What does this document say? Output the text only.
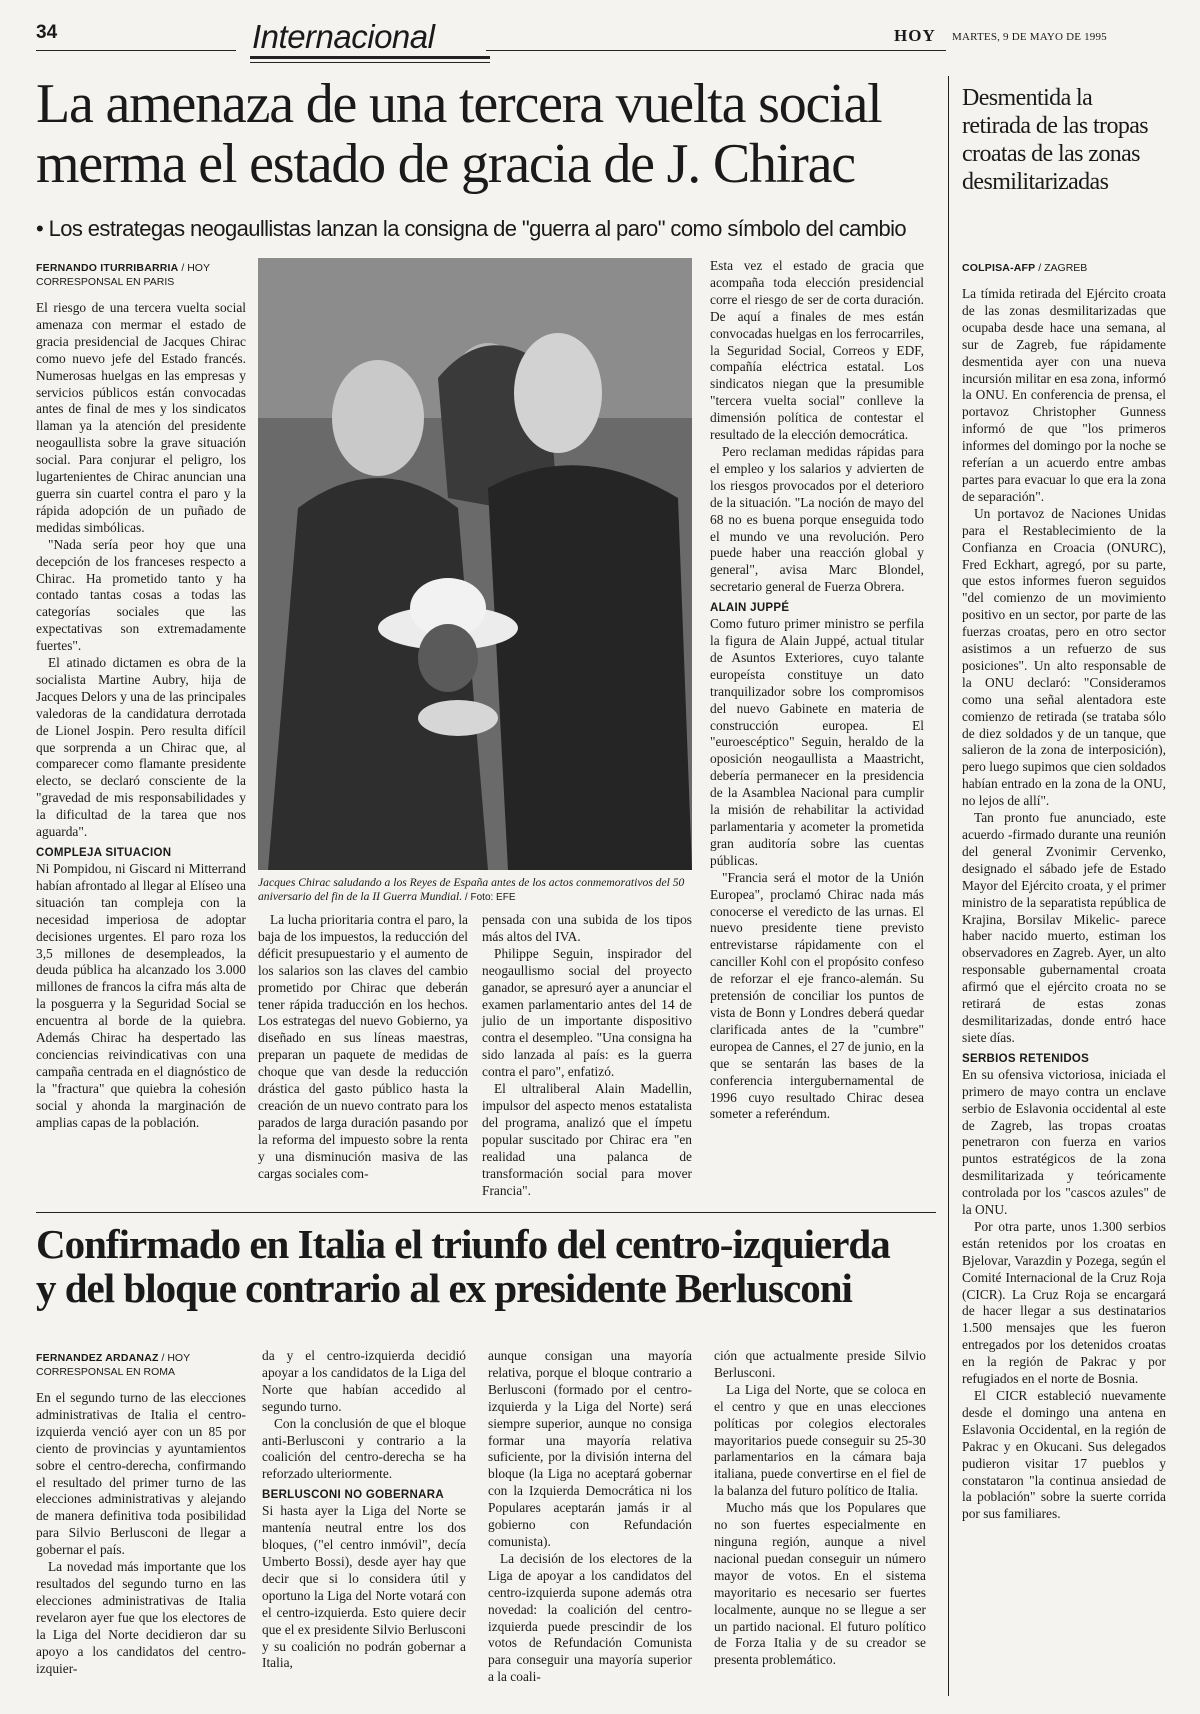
34	Internacional	HOY MARTES, 9 DE MAYO DE 1995
La amenaza de una tercera vuelta social
merma el estado de gracia de J. Chirac
• Los estrategas neogaullistas lanzan la consigna de "guerra al paro" como símbolo del cambio
FERNANDO ITURRIBARRIA / HOY
CORRESPONSAL EN PARIS

El riesgo de una tercera vuelta social amenaza con mermar el estado de gracia presidencial de Jacques Chirac como nuevo jefe del Estado francés. Numerosas huelgas en las empresas y servicios públicos están convocadas antes de final de mes y los sindicatos llaman ya la atención del presidente neogaullista sobre la grave situación social. Para conjurar el peligro, los lugartenientes de Chirac anuncian una guerra sin cuartel contra el paro y la rápida adopción de un puñado de medidas simbólicas.

"Nada sería peor hoy que una decepción de los franceses respecto a Chirac. Ha prometido tanto y ha contado tantas cosas a todas las categorías sociales que las expectativas son extremadamente fuertes".

El atinado dictamen es obra de la socialista Martine Aubry, hija de Jacques Delors y una de las principales valedoras de la candidatura derrotada de Lionel Jospin. Pero resulta difícil que sorprenda a un Chirac que, al comparecer como flamante presidente electo, se declaró consciente de la "gravedad de mis responsabilidades y la dificultad de la tarea que nos aguarda".

COMPLEJA SITUACION

Ni Pompidou, ni Giscard ni Mitterrand habían afrontado al llegar al Elíseo una situación tan compleja con la necesidad imperiosa de adoptar decisiones urgentes. El paro roza los 3,5 millones de desempleados, la deuda pública ha alcanzado los 3.000 millones de francos la cifra más alta de la posguerra y la Seguridad Social se encuentra al borde de la quiebra. Además Chirac ha despertado las conciencias reivindicativas con una campaña centrada en el diagnóstico de la "fractura" que quiebra la cohesión social y ahonda la marginación de amplias capas de la población.

Jacques Chirac saludando a los Reyes de España antes de los actos conmemorativos del 50 aniversario del fin de la II Guerra Mundial. / Foto: EFE

La lucha prioritaria contra el paro, la baja de los impuestos, la reducción del déficit presupuestario y el aumento de los salarios son las claves del cambio prometido por Chirac que deberán tener rápida traducción en los hechos. Los estrategas del nuevo Gobierno, ya diseñado en sus líneas maestras, preparan un paquete de medidas de choque que van desde la reducción drástica del gasto público hasta la creación de un nuevo contrato para los parados de larga duración pasando por la reforma del impuesto sobre la renta y una disminución masiva de las cargas sociales com-

pensada con una subida de los tipos más altos del IVA.

Philippe Seguin, inspirador del neogaullismo social del proyecto ganador, se apresuró ayer a anunciar el examen parlamentario antes del 14 de julio de un importante dispositivo contra el desempleo. "Una consigna ha sido lanzada al país: es la guerra contra el paro", enfatizó.

El ultraliberal Alain Madellin, impulsor del aspecto menos estatalista del programa, analizó que el ímpetu popular suscitado por Chirac era "en realidad una palanca de transformación social para mover Francia".

Esta vez el estado de gracia que acompaña toda elección presidencial corre el riesgo de ser de corta duración. De aquí a finales de mes están convocadas huelgas en los ferrocarriles, la Seguridad Social, Correos y EDF, compañía eléctrica estatal. Los sindicatos niegan que la presumible "tercera vuelta social" conlleve la dimensión política de contestar el resultado de la elección democrática.

Pero reclaman medidas rápidas para el empleo y los salarios y advierten de los riesgos provocados por el deterioro de la situación. "La noción de mayo del 68 no es buena porque enseguida todo el mundo ve una revolución. Pero puede haber una reacción global y general", avisa Marc Blondel, secretario general de Fuerza Obrera.

ALAIN JUPPÉ

Como futuro primer ministro se perfila la figura de Alain Juppé, actual titular de Asuntos Exteriores, cuyo talante europeísta constituye un dato tranquilizador sobre los compromisos del nuevo Gabinete en materia de construcción europea. El "euroescéptico" Seguin, heraldo de la oposición neogaullista a Maastricht, debería permanecer en la presidencia de la Asamblea Nacional para cumplir la misión de rehabilitar la actividad parlamentaria y acometer la prometida gran auditoría sobre las cuentas públicas.

"Francia será el motor de la Unión Europea", proclamó Chirac nada más conocerse el veredicto de las urnas. El nuevo presidente tiene previsto entrevistarse rápidamente con el canciller Kohl con el propósito confeso de reforzar el eje franco-alemán. Su pretensión de conciliar los puntos de vista de Bonn y Londres deberá quedar clarificada antes de la "cumbre" europea de Cannes, el 27 de junio, en la que se sentarán las bases de la conferencia intergubernamental de 1996 cuyo resultado Chirac desea someter a referéndum.

Desmentida la retirada de las tropas croatas de las zonas desmilitarizadas
COLPISA-AFP / ZAGREB

La tímida retirada del Ejército croata de las zonas desmilitarizadas que ocupaba desde hace una semana, al sur de Zagreb, fue rápidamente desmentida ayer con una nueva incursión militar en esa zona, informó la ONU. En conferencia de prensa, el portavoz Christopher Gunness informó de que "los primeros informes del domingo por la noche se referían a un acuerdo entre ambas partes para evacuar lo que era la zona de separación".

Un portavoz de Naciones Unidas para el Restablecimiento de la Confianza en Croacia (ONURC), Fred Eckhart, agregó, por su parte, que estos informes fueron seguidos "del comienzo de un movimiento positivo en un sector, por parte de las fuerzas croatas, pero en otro sector asistimos a un refuerzo de sus posiciones". Un alto responsable de la ONU declaró: "Consideramos como una señal alentadora este comienzo de retirada (se trataba sólo de diez soldados y de un tanque, que salieron de la zona de interposición), pero luego supimos que cien soldados habían entrado en la zona de la ONU, no lejos de allí".

Tan pronto fue anunciado, este acuerdo -firmado durante una reunión del general Zvonimir Cervenko, designado el sábado jefe de Estado Mayor del Ejército croata, y el primer ministro de la separatista república de Krajina, Borsilav Mikelic- parece haber nacido muerto, estiman los observadores en Zagreb. Ayer, un alto responsable gubernamental croata afirmó que el ejército croata no se retirará de estas zonas desmilitarizadas, donde entró hace siete días.

SERBIOS RETENIDOS

En su ofensiva victoriosa, iniciada el primero de mayo contra un enclave serbio de Eslavonia occidental al este de Zagreb, las tropas croatas penetraron con fuerza en varios puntos estratégicos de la zona desmilitarizada y teóricamente controlada por los "cascos azules" de la ONU.

Por otra parte, unos 1.300 serbios están retenidos por los croatas en Bjelovar, Varazdin y Pozega, según el Comité Internacional de la Cruz Roja (CICR). La Cruz Roja se encargará de hacer llegar a sus destinatarios 1.500 mensajes que les fueron entregados por los detenidos croatas en la región de Pakrac y por refugiados en el norte de Bosnia.

El CICR estableció nuevamente desde el domingo una antena en Eslavonia Occidental, en la región de Pakrac y en Okucani. Sus delegados pudieron visitar 17 pueblos y constataron "la continua ansiedad de la población" sobre la suerte corrida por sus familiares.

Confirmado en Italia el triunfo del centro-izquierda
y del bloque contrario al ex presidente Berlusconi
FERNANDEZ ARDANAZ / HOY
CORRESPONSAL EN ROMA

En el segundo turno de las elecciones administrativas de Italia el centro-izquierda venció ayer con un 85 por ciento de provincias y ayuntamientos sobre el centro-derecha, confirmando el resultado del primer turno de las elecciones administrativas y alejando de manera definitiva toda posibilidad para Silvio Berlusconi de llegar a gobernar el país.

La novedad más importante que los resultados del segundo turno en las elecciones administrativas de Italia revelaron ayer fue que los electores de la Liga del Norte decidieron dar su apoyo a los candidatos del centro-izquier-

da y el centro-izquierda decidió apoyar a los candidatos de la Liga del Norte que habían accedido al segundo turno.

Con la conclusión de que el bloque anti-Berlusconi y contrario a la coalición del centro-derecha se ha reforzado ulteriormente.

BERLUSCONI NO GOBERNARA

Si hasta ayer la Liga del Norte se mantenía neutral entre los dos bloques, ("el centro inmóvil", decía Umberto Bossi), desde ayer hay que decir que si lo considera útil y oportuno la Liga del Norte votará con el centro-izquierda. Esto quiere decir que el ex presidente Silvio Berlusconi y su coalición no podrán gobernar a Italia,

aunque consigan una mayoría relativa, porque el bloque contrario a Berlusconi (formado por el centro-izquierda y la Liga del Norte) será siempre superior, aunque no consiga formar una mayoría relativa suficiente, por la división interna del bloque (la Liga no aceptará gobernar con la Izquierda Democrática ni los Populares aceptarán jamás ir al gobierno con Refundación comunista).

La decisión de los electores de la Liga de apoyar a los candidatos del centro-izquierda supone además otra novedad: la coalición del centro-izquierda puede prescindir de los votos de Refundación Comunista para conseguir una mayoría superior a la coali-

ción que actualmente preside Silvio Berlusconi.

La Liga del Norte, que se coloca en el centro y que en unas elecciones políticas por colegios electorales mayoritarios puede conseguir su 25-30 parlamentarios en la cámara baja italiana, puede convertirse en el fiel de la balanza del futuro político de Italia.

Mucho más que los Populares que no son fuertes especialmente en ninguna región, aunque a nivel nacional puedan conseguir un número mayor de votos. En el sistema mayoritario es necesario ser fuertes localmente, aunque no se llegue a ser un partido nacional. El futuro político de Forza Italia y de su creador se presenta problemático.
